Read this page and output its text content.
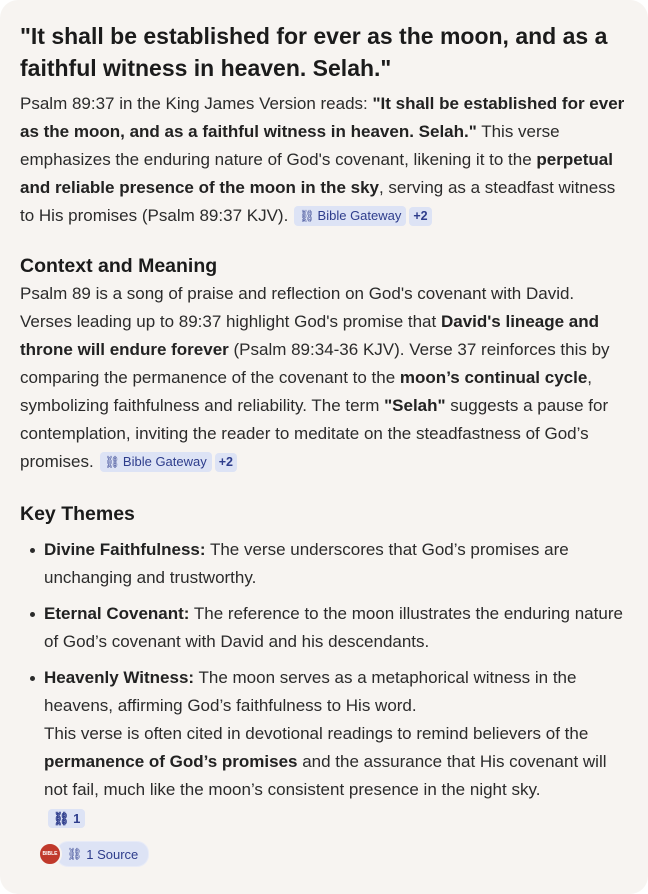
"It shall be established for ever as the moon, and as a faithful witness in heaven. Selah."

Psalm 89:37 in the King James Version reads: "It shall be established for ever as the moon, and as a faithful witness in heaven. Selah." This verse emphasizes the enduring nature of God's covenant, likening it to the perpetual and reliable presence of the moon in the sky, serving as a steadfast witness to His promises (Psalm 89:37 KJV). ⛓ Bible Gateway +2

Context and Meaning

Psalm 89 is a song of praise and reflection on God's covenant with David. Verses leading up to 89:37 highlight God's promise that David's lineage and throne will endure forever (Psalm 89:34-36 KJV). Verse 37 reinforces this by comparing the permanence of the covenant to the moon’s continual cycle, symbolizing faithfulness and reliability. The term "Selah" suggests a pause for contemplation, inviting the reader to meditate on the steadfastness of God’s promises. ⛓ Bible Gateway +2

Key Themes
Divine Faithfulness: The verse underscores that God’s promises are unchanging and trustworthy.
Eternal Covenant: The reference to the moon illustrates the enduring nature of God’s covenant with David and his descendants.
Heavenly Witness: The moon serves as a metaphorical witness in the heavens, affirming God’s faithfulness to His word.
This verse is often cited in devotional readings to remind believers of the permanence of God’s promises and the assurance that His covenant will not fail, much like the moon’s consistent presence in the night sky.
⛓ 1
BIBLE ⛓ 1 Source
